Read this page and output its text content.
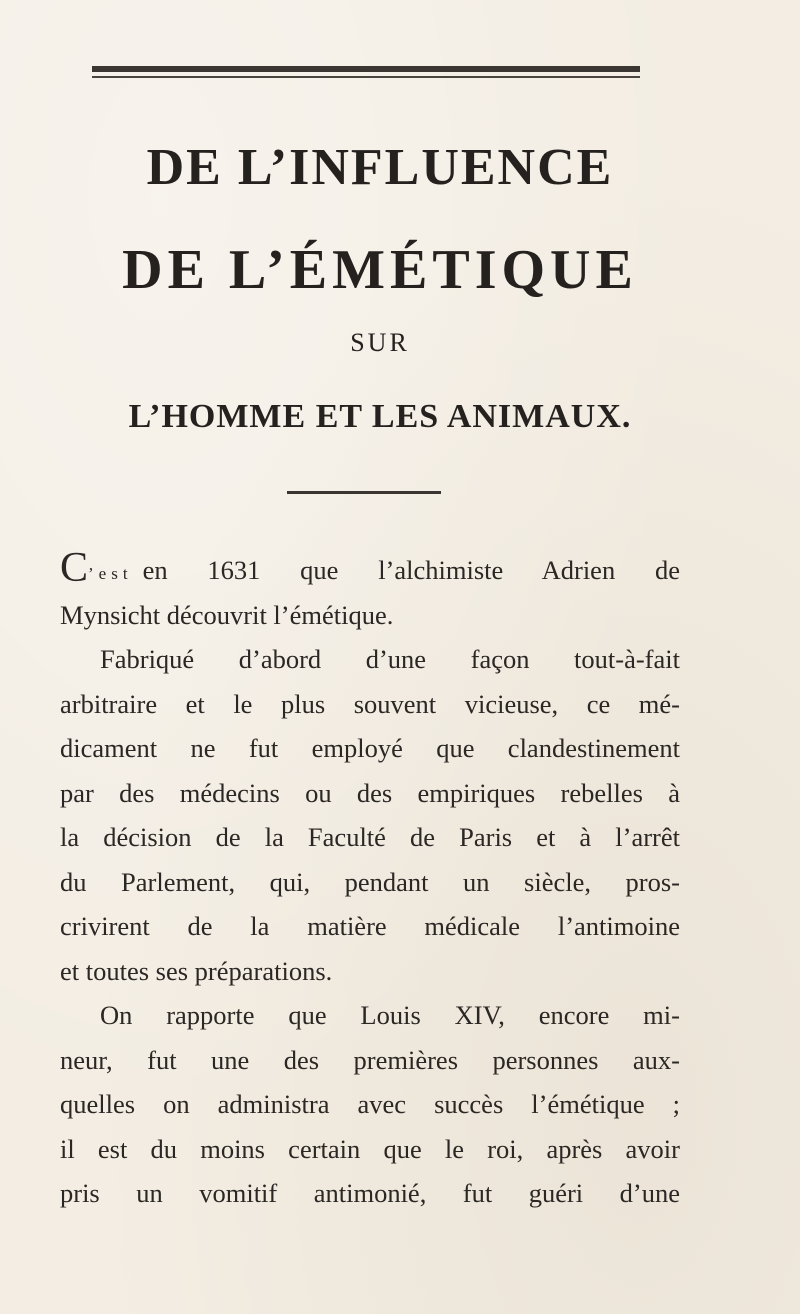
DE L’INFLUENCE
DE L’ÉMÉTIQUE
SUR
L’HOMME ET LES ANIMAUX.
C’est en 1631 que l’alchimiste Adrien de
Mynsicht découvrit l’émétique.
Fabriqué d’abord d’une façon tout-à-fait
arbitraire et le plus souvent vicieuse, ce mé-
dicament ne fut employé que clandestinement
par des médecins ou des empiriques rebelles à
la décision de la Faculté de Paris et à l’arrêt
du Parlement, qui, pendant un siècle, pros-
crivirent de la matière médicale l’antimoine
et toutes ses préparations.
On rapporte que Louis XIV, encore mi-
neur, fut une des premières personnes aux-
quelles on administra avec succès l’émétique ;
il est du moins certain que le roi, après avoir
pris un vomitif antimonié, fut guéri d’une
